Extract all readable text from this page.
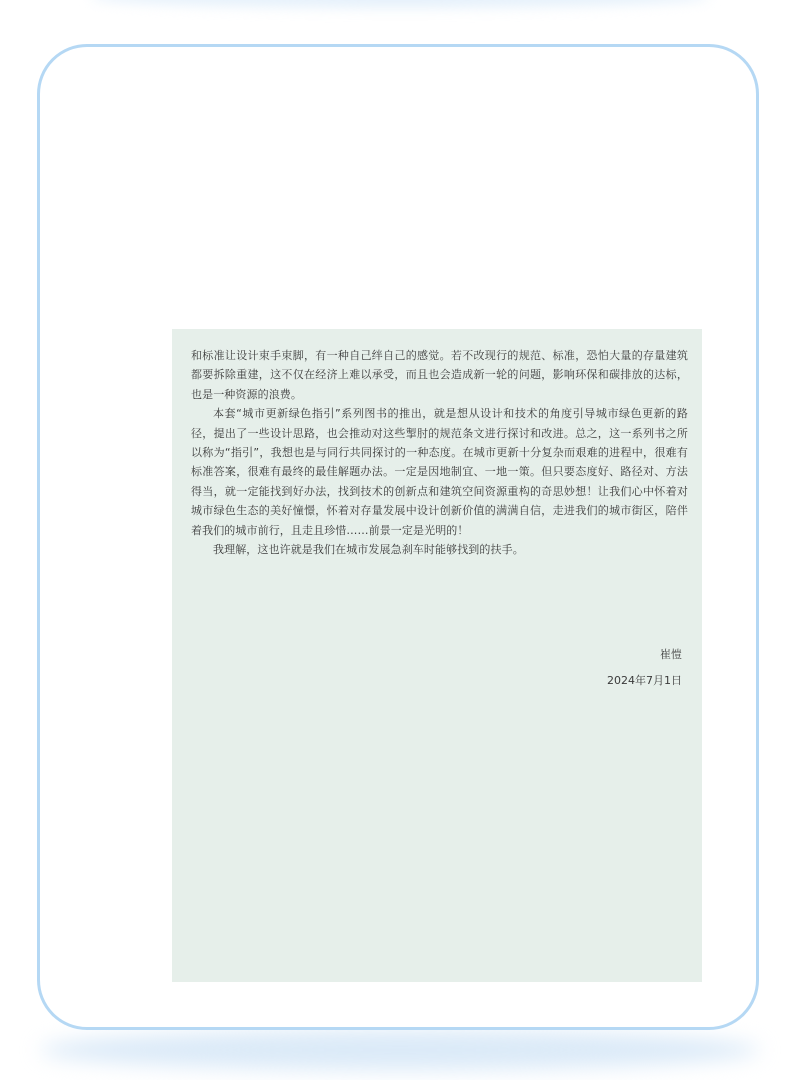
和标准让设计束手束脚，有一种自己绊自己的感觉。若不改现行的规范、标准，恐怕大量的存量建筑都要拆除重建，这不仅在经济上难以承受，而且也会造成新一轮的问题，影响环保和碳排放的达标，也是一种资源的浪费。

本套“城市更新绿色指引”系列图书的推出，就是想从设计和技术的角度引导城市绿色更新的路径，提出了一些设计思路，也会推动对这些掣肘的规范条文进行探讨和改进。总之，这一系列书之所以称为“指引”，我想也是与同行共同探讨的一种态度。在城市更新十分复杂而艰难的进程中，很难有标准答案，很难有最终的最佳解题办法。一定是因地制宜、一地一策。但只要态度好、路径对、方法得当，就一定能找到好办法，找到技术的创新点和建筑空间资源重构的奇思妙想！让我们心中怀着对城市绿色生态的美好憧憬，怀着对存量发展中设计创新价值的满满自信，走进我们的城市街区，陪伴着我们的城市前行，且走且珍惜……前景一定是光明的！

我理解，这也许就是我们在城市发展急刹车时能够找到的扶手。

崔愷
2024年7月1日
